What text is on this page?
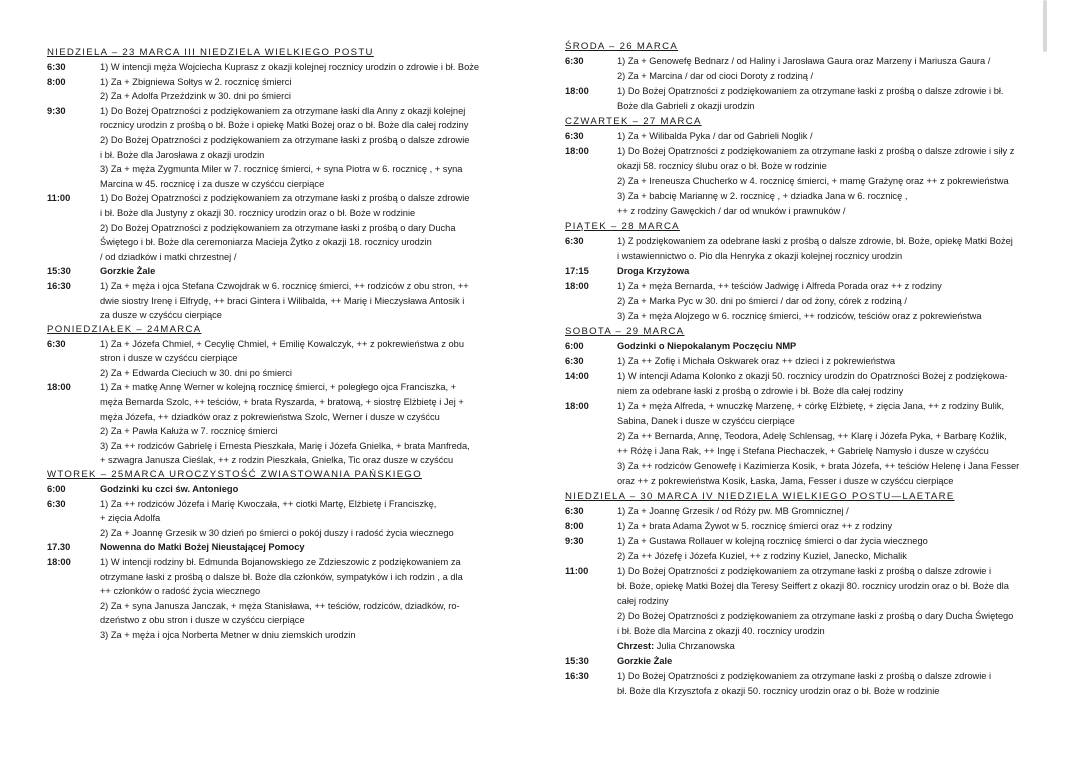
NIEDZIELA – 23 MARCA III NIEDZIELA WIELKIEGO POSTU
6:30	1) W intencji męża Wojciecha Kuprasz z okazji kolejnej rocznicy urodzin o zdrowie i bł. Boże
8:00	1) Za + Zbigniewa Sołtys w 2. rocznicę śmierci
2) Za + Adolfa Przeździnk w 30. dni po śmierci
9:30	1) Do Bożej Opatrzności z podziękowaniem za otrzymane łaski dla Anny z okazji kolejnej
rocznicy urodzin z prośbą o bł. Boże i opiekę Matki Bożej oraz o bł. Boże dla całej rodziny
2) Do Bożej Opatrzności z podziękowaniem za otrzymane łaski z prośbą o dalsze zdrowie
i bł. Boże dla Jarosława z okazji urodzin
3) Za + męża Zygmunta Miler w 7. rocznicę śmierci, + syna Piotra w 6. rocznicę , + syna
Marcina w 45. rocznicę i za dusze w czyśćcu cierpiące
11:00	1) Do Bożej Opatrzności z podziękowaniem za otrzymane łaski z prośbą o dalsze zdrowie
i bł. Boże dla Justyny z okazji 30. rocznicy urodzin oraz o bł. Boże w rodzinie
2) Do Bożej Opatrzności z podziękowaniem za otrzymane łaski z prośbą o dary Ducha
Świętego i bł. Boże dla ceremoniarza Macieja Żytko z okazji 18. rocznicy urodzin
/ od dziadków i matki chrzestnej /
15:30	Gorzkie Żale
16:30	1) Za + męża i ojca Stefana Czwojdrak w 6. rocznicę śmierci, ++ rodziców z obu stron, ++
dwie siostry Irenę i Elfrydę, ++ braci Gintera i Wilibalda, ++ Marię i Mieczysława Antosik i
za dusze w czyśćcu cierpiące
PONIEDZIAŁEK – 24MARCA
6:30	1) Za + Józefa Chmiel, + Cecylię Chmiel, + Emilię Kowalczyk, ++ z pokrewieństwa z obu
stron i dusze w czyśćcu cierpiące
2) Za + Edwarda Cieciuch w 30. dni po śmierci
18:00	1) Za + matkę Annę Werner w kolejną rocznicę śmierci, + poległego ojca Franciszka, +
męża Bernarda Szolc, ++ teściów, + brata Ryszarda, + bratową, + siostrę Elżbietę i Jej +
męża Józefa, ++ dziadków oraz z pokrewieństwa Szolc, Werner i dusze w czyśćcu
2) Za + Pawła Kałuża w 7. rocznicę śmierci
3) Za ++ rodziców Gabrielę i Ernesta Pieszkała, Marię i Józefa Gnielka, + brata Manfreda,
+ szwagra Janusza Cieślak, ++ z rodzin Pieszkała, Gnielka, Tic oraz dusze w czyśćcu
WTOREK – 25MARCA UROCZYSTOŚĆ ZWIASTOWANIA PAŃSKIEGO
6:00	Godzinki ku czci św. Antoniego
6:30	1) Za ++ rodziców Józefa i Marię Kwoczała, ++ ciotki Martę, Elżbietę i Franciszkę,
+ zięcia Adolfa
2) Za + Joannę Grzesik w 30 dzień po śmierci o pokój duszy i radość życia wiecznego
17.30	Nowenna do Matki Bożej Nieustającej Pomocy
18:00	1) W intencji rodziny bł. Edmunda Bojanowskiego ze Zdzieszowic z podziękowaniem za
otrzymane łaski z prośbą o dalsze bł. Boże dla członków, sympatyków i ich rodzin , a dla
++ członków o radość życia wiecznego
2) Za + syna Janusza Janczak, + męża Stanisława, ++ teściów, rodziców, dziadków, ro-
dzeństwo z obu stron i dusze w czyśćcu cierpiące
3) Za + męża i ojca Norberta Metner w dniu ziemskich urodzin
ŚRODA – 26 MARCA
6:30	1) Za + Genowefę Bednarz / od Haliny i Jarosława Gaura oraz Marzeny i Mariusza Gaura /
2) Za + Marcina / dar od cioci Doroty z rodziną /
18:00	1) Do Bożej Opatrzności z podziękowaniem za otrzymane łaski z prośbą o dalsze zdrowie i bł.
Boże dla Gabrieli z okazji urodzin
CZWARTEK – 27 MARCA
6:30	1) Za + Wilibalda Pyka / dar od Gabrieli Noglik /
18:00	1) Do Bożej Opatrzności z podziękowaniem za otrzymane łaski z prośbą o dalsze zdrowie i siły z
okazji 58. rocznicy ślubu oraz o bł. Boże w rodzinie
2) Za + Ireneusza Chucherko w 4. rocznicę śmierci, + mamę Grażynę oraz ++ z pokrewieństwa
3) Za + babcię Mariannę w 2. rocznicę , + dziadka Jana w 6. rocznicę ,
++ z rodziny Gawęckich / dar od wnuków i prawnuków /
PIĄTEK – 28 MARCA
6:30	1) Z podziękowaniem za odebrane łaski z prośbą o dalsze zdrowie, bł. Boże, opiekę Matki Bożej
i wstawiennictwo o. Pio dla Henryka z okazji kolejnej rocznicy urodzin
17:15	Droga Krzyżowa
18:00	1) Za + męża Bernarda, ++ teściów Jadwigę i Alfreda Porada oraz ++ z rodziny
2) Za + Marka Pyc w 30. dni po śmierci / dar od żony, córek z rodziną /
3) Za + męża Alojzego w 6. rocznicę śmierci, ++ rodziców, teściów oraz z pokrewieństwa
SOBOTA – 29 MARCA
6:00	Godzinki o Niepokalanym Poczęciu NMP
6:30	1) Za ++ Zofię i Michała Oskwarek oraz ++ dzieci i z pokrewieństwa
14:00	1) W intencji Adama Kolonko z okazji 50. rocznicy urodzin do Opatrzności Bożej z podziękowa-
niem za odebrane łaski z prośbą o zdrowie i bł. Boże dla całej rodziny
18:00	1) Za + męża Alfreda, + wnuczkę Marzenę, + córkę Elżbietę, + zięcia Jana, ++ z rodziny Bulik,
Sabina, Danek i dusze w czyśćcu cierpiące
2) Za ++ Bernarda, Annę, Teodora, Adelę Schlensag, ++ Klarę i Józefa Pyka, + Barbarę Koźlik,
++ Różę i Jana Rak, ++ Ingę i Stefana Piechaczek, + Gabrielę Namysło i dusze w czyśćcu
3) Za ++ rodziców Genowefę i Kazimierza Kosik, + brata Józefa, ++ teściów Helenę i Jana Fesser
oraz ++ z pokrewieństwa Kosik, Łaska, Jama, Fesser i dusze w czyśćcu cierpiące
NIEDZIELA – 30 MARCA IV NIEDZIELA WIELKIEGO POSTU—LAETARE
6:30	1) Za + Joannę Grzesik / od Róży pw. MB Gromnicznej /
8:00	1) Za + brata Adama Żywot w 5. rocznicę śmierci oraz ++ z rodziny
9:30	1) Za + Gustawa Rollauer w kolejną rocznicę śmierci o dar życia wiecznego
2) Za ++ Józefę i Józefa Kuziel, ++ z rodziny Kuziel, Janecko, Michalik
11:00	1) Do Bożej Opatrzności z podziękowaniem za otrzymane łaski z prośbą o dalsze zdrowie i
bł. Boże, opiekę Matki Bożej dla Teresy Seiffert z okazji 80. rocznicy urodzin oraz o bł. Boże dla
całej rodziny
2) Do Bożej Opatrzności z podziękowaniem za otrzymane łaski z prośbą o dary Ducha Świętego
i bł. Boże dla Marcina z okazji 40. rocznicy urodzin
Chrzest: Julia Chrzanowska
15:30	Gorzkie Żale
16:30	1) Do Bożej Opatrzności z podziękowaniem za otrzymane łaski z prośbą o dalsze zdrowie i
bł. Boże dla Krzysztofa z okazji 50. rocznicy urodzin oraz o bł. Boże w rodzinie
